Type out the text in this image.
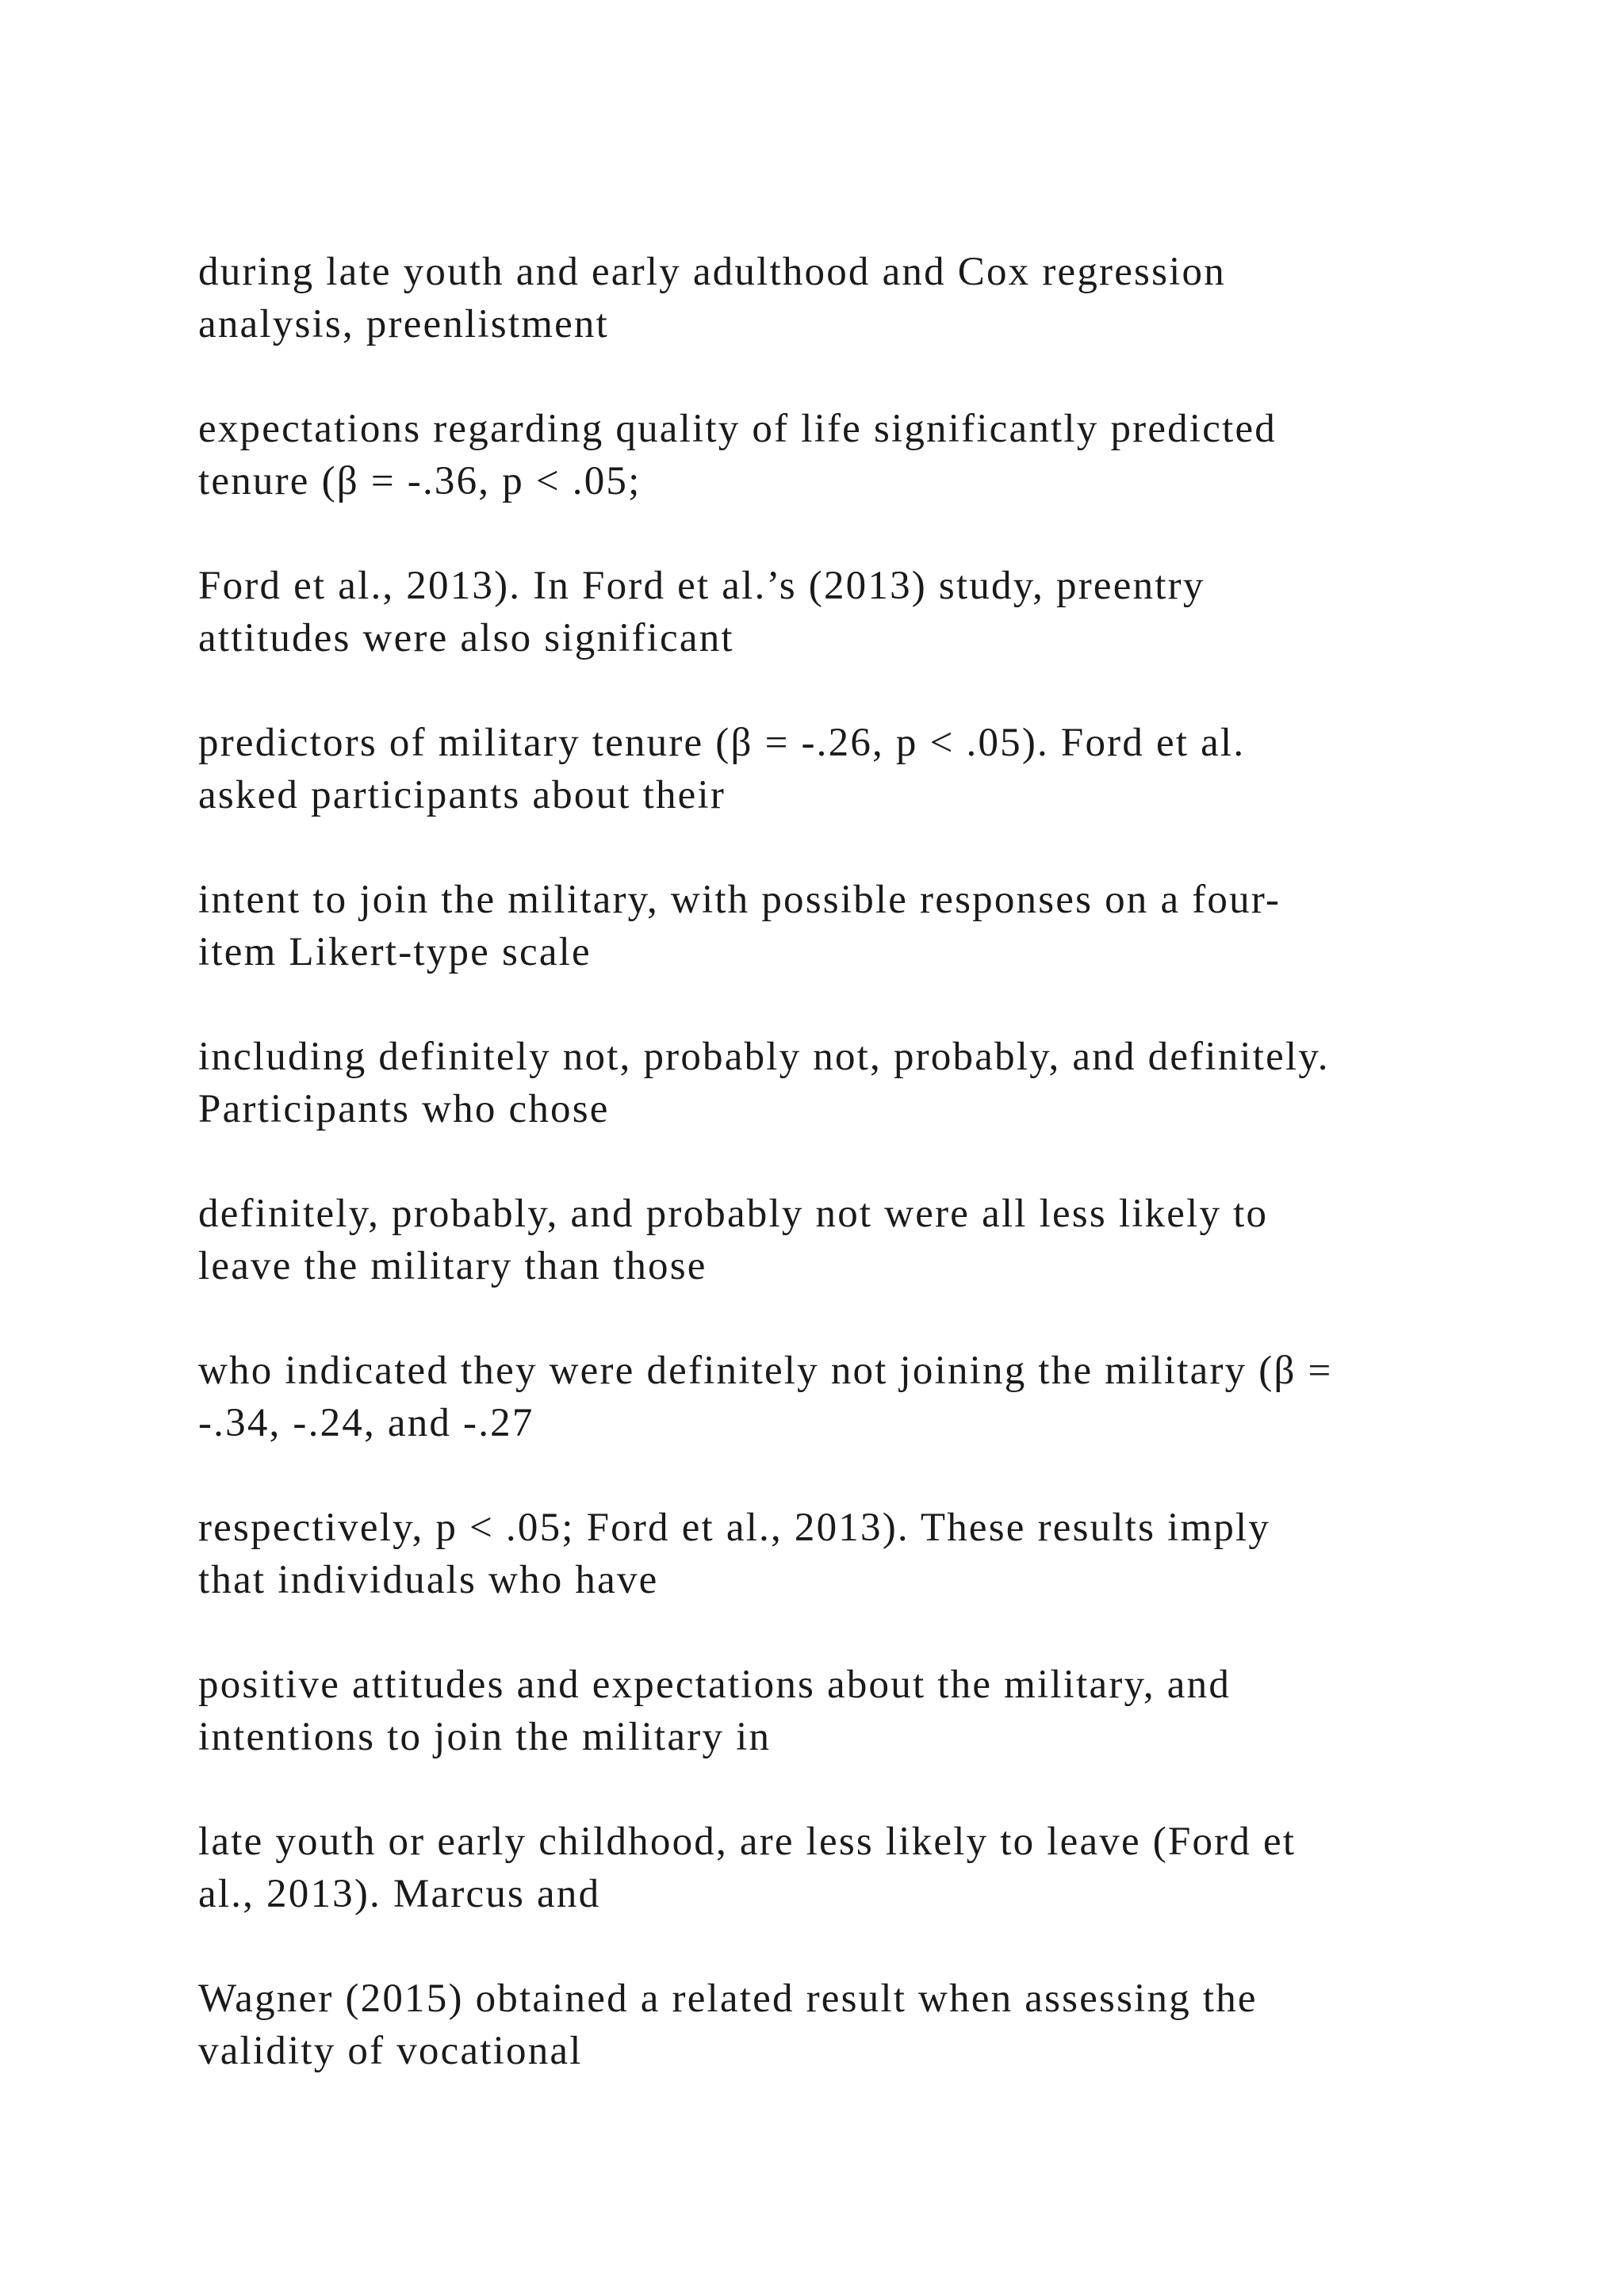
during late youth and early adulthood and Cox regression
analysis, preenlistment

expectations regarding quality of life significantly predicted
tenure (β = -.36, p < .05;

Ford et al., 2013). In Ford et al.’s (2013) study, preentry
attitudes were also significant

predictors of military tenure (β = -.26, p < .05). Ford et al.
asked participants about their

intent to join the military, with possible responses on a four-
item Likert-type scale

including definitely not, probably not, probably, and definitely.
Participants who chose

definitely, probably, and probably not were all less likely to
leave the military than those

who indicated they were definitely not joining the military (β =
-.34, -.24, and -.27

respectively, p < .05; Ford et al., 2013). These results imply
that individuals who have

positive attitudes and expectations about the military, and
intentions to join the military in

late youth or early childhood, are less likely to leave (Ford et
al., 2013). Marcus and

Wagner (2015) obtained a related result when assessing the
validity of vocational
